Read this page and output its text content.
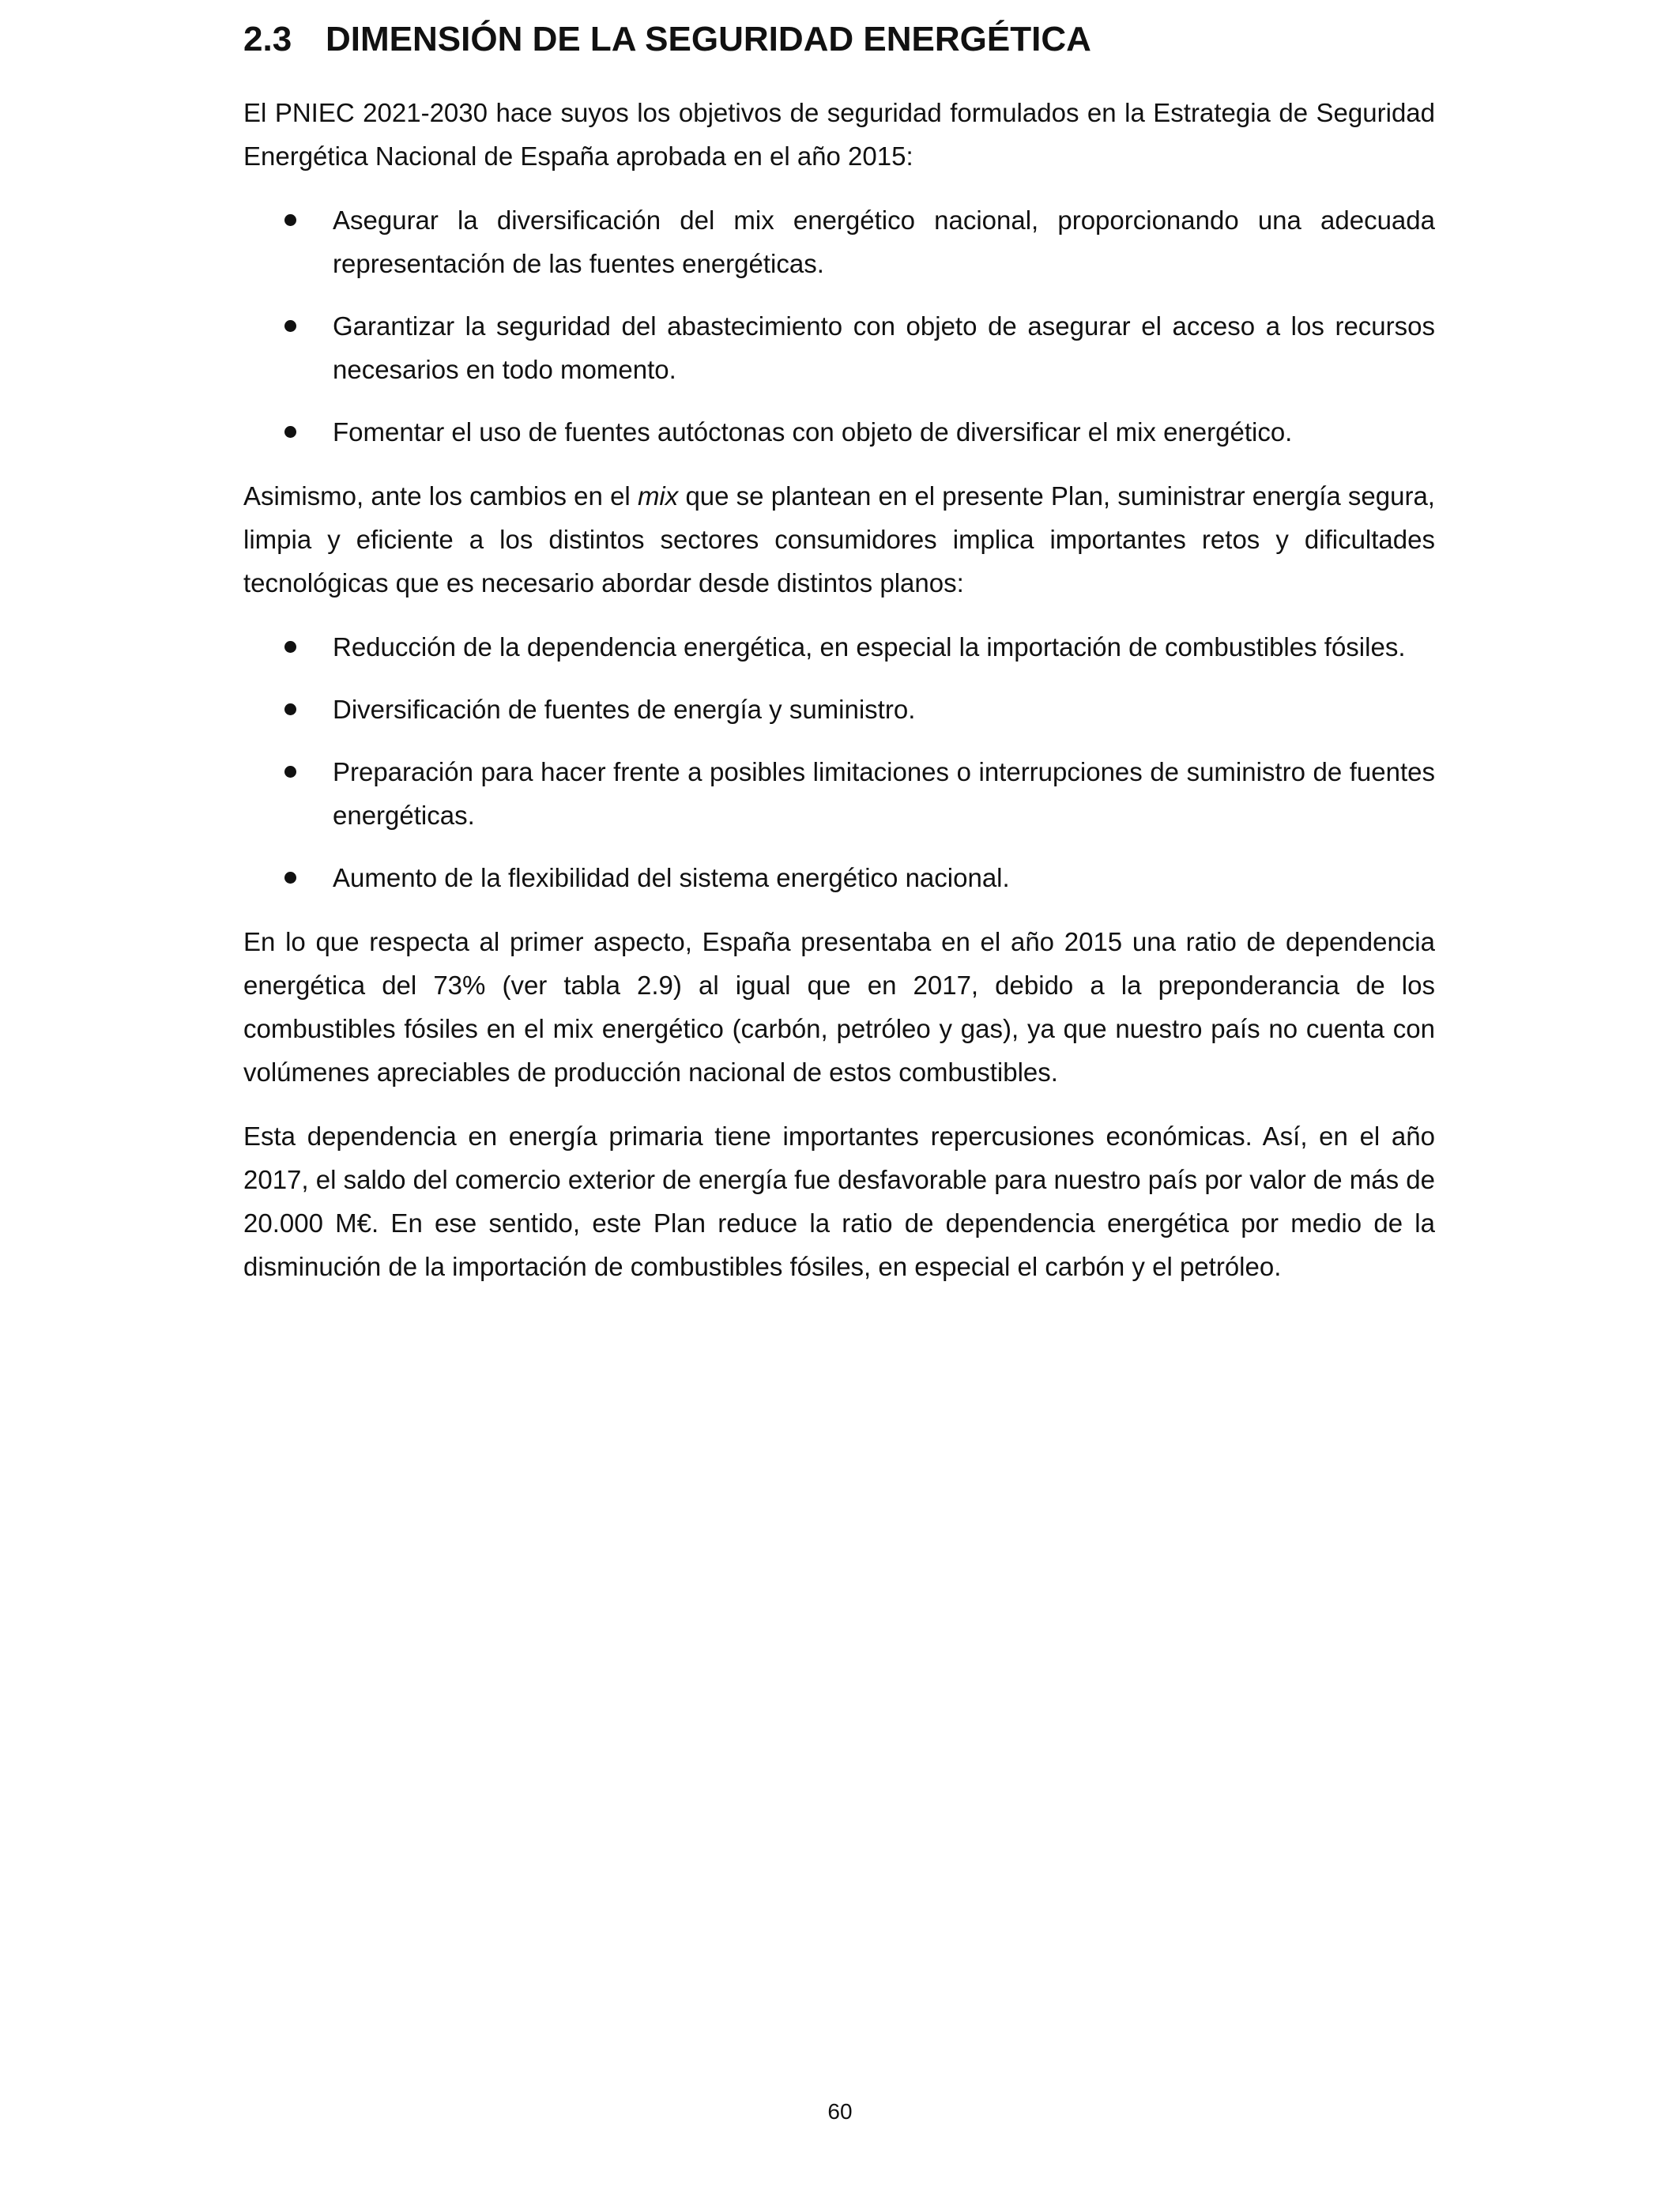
2.3 DIMENSIÓN DE LA SEGURIDAD ENERGÉTICA

El PNIEC 2021-2030 hace suyos los objetivos de seguridad formulados en la Estrategia de Seguridad Energética Nacional de España aprobada en el año 2015:

Asegurar la diversificación del mix energético nacional, proporcionando una adecuada representación de las fuentes energéticas.
Garantizar la seguridad del abastecimiento con objeto de asegurar el acceso a los recursos necesarios en todo momento.
Fomentar el uso de fuentes autóctonas con objeto de diversificar el mix energético.

Asimismo, ante los cambios en el mix que se plantean en el presente Plan, suministrar energía segura, limpia y eficiente a los distintos sectores consumidores implica importantes retos y dificultades tecnológicas que es necesario abordar desde distintos planos:

Reducción de la dependencia energética, en especial la importación de combustibles fósiles.
Diversificación de fuentes de energía y suministro.
Preparación para hacer frente a posibles limitaciones o interrupciones de suministro de fuentes energéticas.
Aumento de la flexibilidad del sistema energético nacional.

En lo que respecta al primer aspecto, España presentaba en el año 2015 una ratio de dependencia energética del 73% (ver tabla 2.9) al igual que en 2017, debido a la preponderancia de los combustibles fósiles en el mix energético (carbón, petróleo y gas), ya que nuestro país no cuenta con volúmenes apreciables de producción nacional de estos combustibles.

Esta dependencia en energía primaria tiene importantes repercusiones económicas. Así, en el año 2017, el saldo del comercio exterior de energía fue desfavorable para nuestro país por valor de más de 20.000 M€. En ese sentido, este Plan reduce la ratio de dependencia energética por medio de la disminución de la importación de combustibles fósiles, en especial el carbón y el petróleo.

60
